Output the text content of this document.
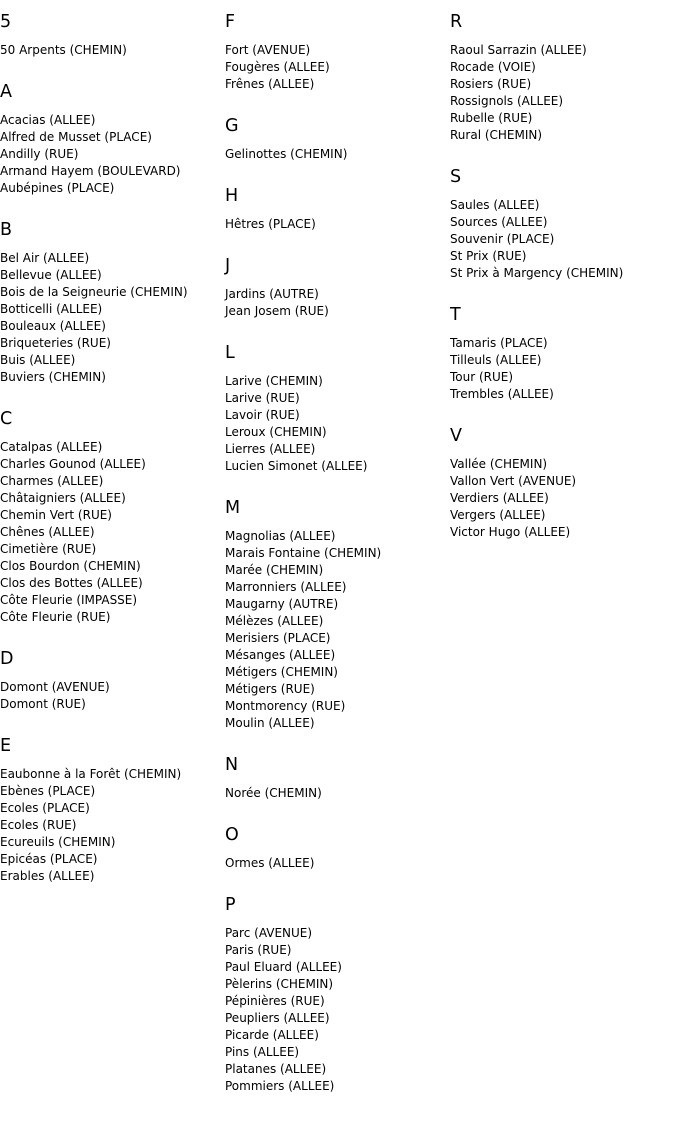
5
50 Arpents (CHEMIN)
A
Acacias (ALLEE)
Alfred de Musset (PLACE)
Andilly (RUE)
Armand Hayem (BOULEVARD)
Aubépines (PLACE)
B
Bel Air (ALLEE)
Bellevue (ALLEE)
Bois de la Seigneurie (CHEMIN)
Botticelli (ALLEE)
Bouleaux (ALLEE)
Briqueteries (RUE)
Buis (ALLEE)
Buviers (CHEMIN)
C
Catalpas (ALLEE)
Charles Gounod (ALLEE)
Charmes (ALLEE)
Châtaigniers (ALLEE)
Chemin Vert (RUE)
Chênes (ALLEE)
Cimetière (RUE)
Clos Bourdon (CHEMIN)
Clos des Bottes (ALLEE)
Côte Fleurie (IMPASSE)
Côte Fleurie (RUE)
D
Domont (AVENUE)
Domont (RUE)
E
Eaubonne à la Forêt (CHEMIN)
Ebènes (PLACE)
Ecoles (PLACE)
Ecoles (RUE)
Ecureuils (CHEMIN)
Epicéas (PLACE)
Erables (ALLEE)
F
Fort (AVENUE)
Fougères (ALLEE)
Frênes (ALLEE)
G
Gelinottes (CHEMIN)
H
Hêtres (PLACE)
J
Jardins (AUTRE)
Jean Josem (RUE)
L
Larive (CHEMIN)
Larive (RUE)
Lavoir (RUE)
Leroux (CHEMIN)
Lierres (ALLEE)
Lucien Simonet (ALLEE)
M
Magnolias (ALLEE)
Marais Fontaine (CHEMIN)
Marée (CHEMIN)
Marronniers (ALLEE)
Maugarny (AUTRE)
Mélèzes (ALLEE)
Merisiers (PLACE)
Mésanges (ALLEE)
Métigers (CHEMIN)
Métigers (RUE)
Montmorency (RUE)
Moulin (ALLEE)
N
Norée (CHEMIN)
O
Ormes (ALLEE)
P
Parc (AVENUE)
Paris (RUE)
Paul Eluard (ALLEE)
Pèlerins (CHEMIN)
Pépinières (RUE)
Peupliers (ALLEE)
Picarde (ALLEE)
Pins (ALLEE)
Platanes (ALLEE)
Pommiers (ALLEE)
R
Raoul Sarrazin (ALLEE)
Rocade (VOIE)
Rosiers (RUE)
Rossignols (ALLEE)
Rubelle (RUE)
Rural (CHEMIN)
S
Saules (ALLEE)
Sources (ALLEE)
Souvenir (PLACE)
St Prix (RUE)
St Prix à Margency (CHEMIN)
T
Tamaris (PLACE)
Tilleuls (ALLEE)
Tour (RUE)
Trembles (ALLEE)
V
Vallée (CHEMIN)
Vallon Vert (AVENUE)
Verdiers (ALLEE)
Vergers (ALLEE)
Victor Hugo (ALLEE)
